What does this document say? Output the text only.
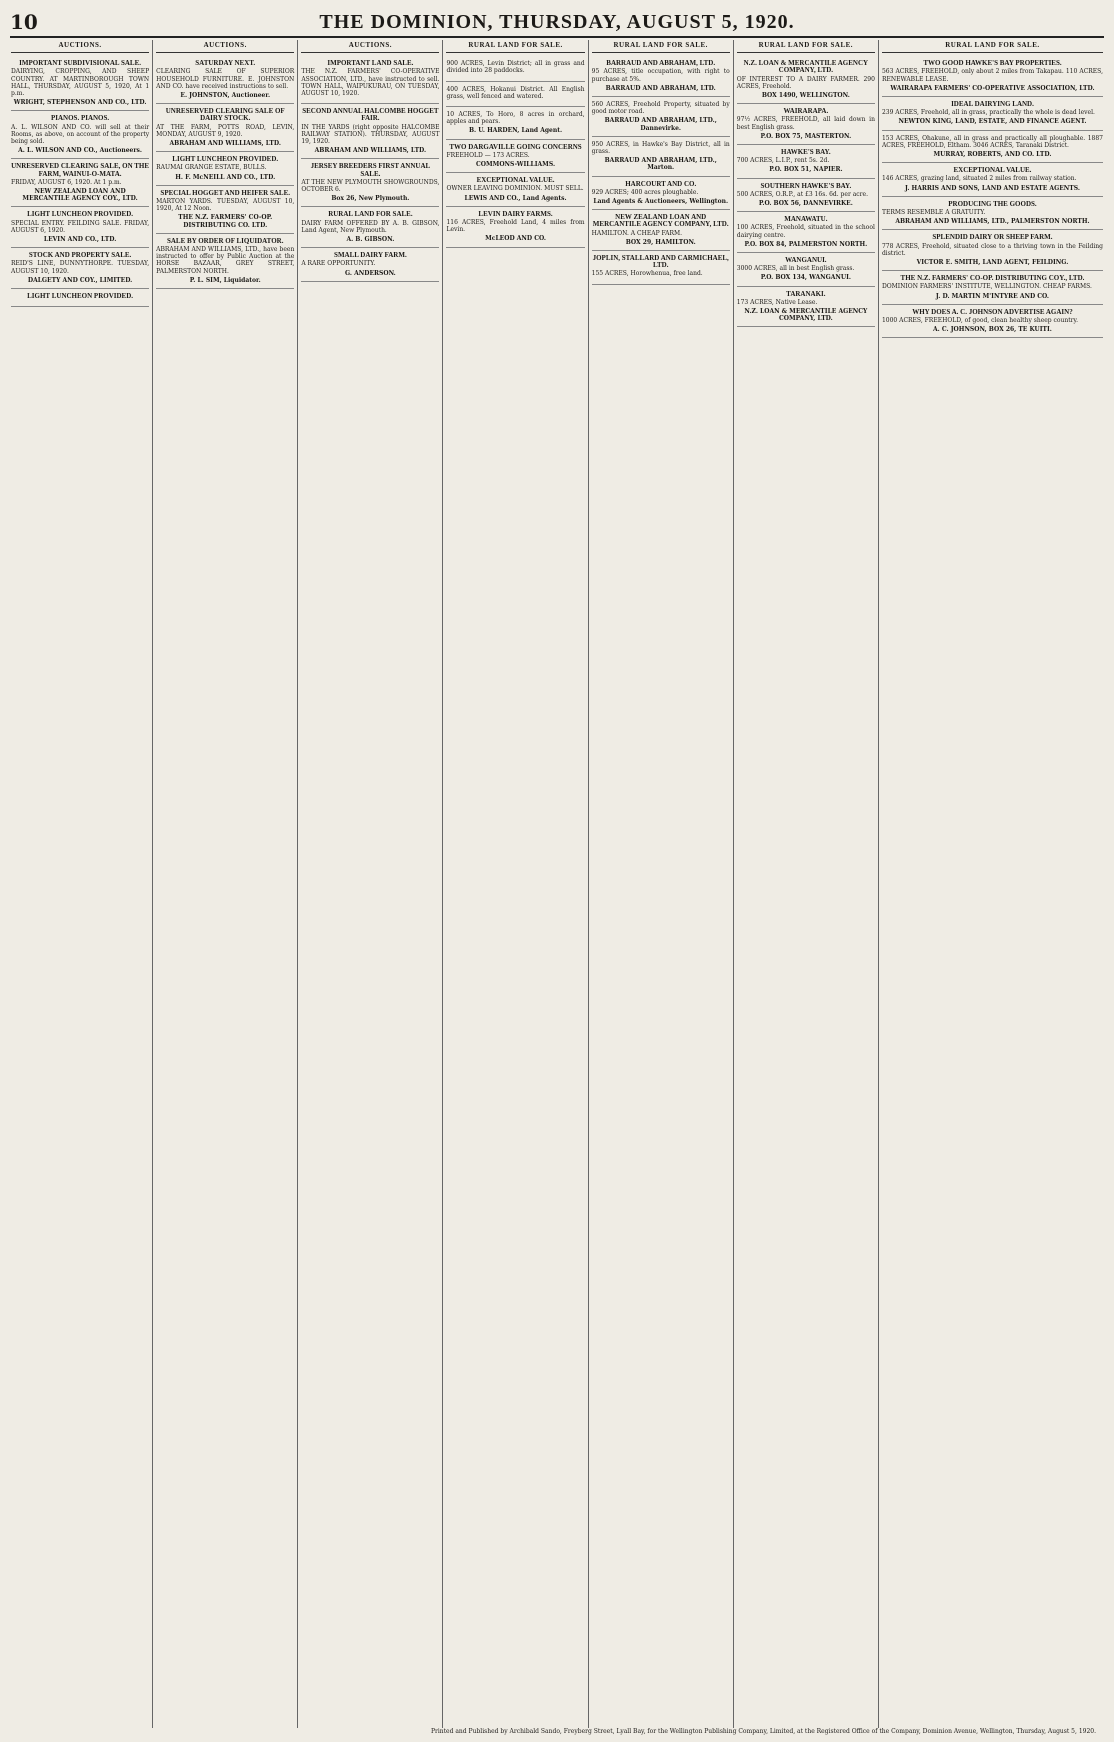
10	THE DOMINION, THURSDAY, AUGUST 5, 1920.
AUCTIONS.
IMPORTANT SUBDIVISIONAL SALE.
DAIRYING, CROPPING, AND SHEEP COUNTRY. AT MARTINBOROUGH TOWN HALL, THURSDAY, AUGUST 5, 1920, At 1 p.m.
WRIGHT, STEPHENSON AND CO., LTD.
PIANOS. PIANOS.
A. L. WILSON AND CO. will sell at their Rooms, as above, on account of the property being sold.
A. L. WILSON AND CO., Auctioneers.
UNRESERVED CLEARING SALE, ON THE FARM, WAINUI-O-MATA.
FRIDAY, AUGUST 6, 1920. At 1 p.m.
NEW ZEALAND LOAN AND MERCANTILE AGENCY COY., LTD.
LIGHT LUNCHEON PROVIDED.
SPECIAL ENTRY. FEILDING SALE. FRIDAY, AUGUST 6, 1920.
LEVIN AND CO., LTD.
STOCK AND PROPERTY SALE.
REID'S LINE, DUNNYTHORPE. TUESDAY, AUGUST 10, 1920.
DALGETY AND COY., LIMITED.
LIGHT LUNCHEON PROVIDED.
AUCTIONS.
SATURDAY NEXT.
CLEARING SALE OF SUPERIOR HOUSEHOLD FURNITURE. E. JOHNSTON AND CO. have received instructions to sell.
E. JOHNSTON, Auctioneer.
UNRESERVED CLEARING SALE OF DAIRY STOCK.
AT THE FARM, POTTS ROAD, LEVIN, MONDAY, AUGUST 9, 1920.
ABRAHAM AND WILLIAMS, LTD.
LIGHT LUNCHEON PROVIDED.
RAUMAI GRANGE ESTATE, BULLS.
H. F. McNEILL AND CO., LTD.
SPECIAL HOGGET AND HEIFER SALE.
MARTON YARDS. TUESDAY, AUGUST 10, 1920, At 12 Noon.
THE N.Z. FARMERS' CO-OP. DISTRIBUTING CO. LTD.
SALE BY ORDER OF LIQUIDATOR.
ABRAHAM AND WILLIAMS, LTD., have been instructed to offer by Public Auction at the HORSE BAZAAR, GREY STREET, PALMERSTON NORTH.
P. L. SIM, Liquidator.
AUCTIONS.
IMPORTANT LAND SALE.
THE N.Z. FARMERS' CO-OPERATIVE ASSOCIATION, LTD., have instructed to sell. TOWN HALL, WAIPUKURAU, ON TUESDAY, AUGUST 10, 1920.
SECOND ANNUAL HALCOMBE HOGGET FAIR.
IN THE YARDS (right opposite HALCOMBE RAILWAY STATION). THURSDAY, AUGUST 19, 1920.
ABRAHAM AND WILLIAMS, LTD.
JERSEY BREEDERS FIRST ANNUAL SALE.
AT THE NEW PLYMOUTH SHOWGROUNDS, OCTOBER 6.
Box 26, New Plymouth.
RURAL LAND FOR SALE.
DAIRY FARM OFFERED BY A. B. GIBSON, Land Agent, New Plymouth.
A. B. GIBSON.
SMALL DAIRY FARM.
A RARE OPPORTUNITY.
G. ANDERSON.
RURAL LAND FOR SALE.
900 ACRES, Levin District; all in grass and divided into 28 paddocks.
400 ACRES, Hokanui District. All English grass, well fenced and watered.
10 ACRES, To Horo, 8 acres in orchard, apples and pears.
B. U. HARDEN, Land Agent.
TWO DARGAVILLE GOING CONCERNS
FREEHOLD — 173 ACRES.
COMMONS-WILLIAMS.
EXCEPTIONAL VALUE.
OWNER LEAVING DOMINION. MUST SELL.
LEWIS AND CO., Land Agents.
LEVIN DAIRY FARMS.
116 ACRES, Freehold Land, 4 miles from Levin.
McLEOD AND CO.
RURAL LAND FOR SALE.
BARRAUD AND ABRAHAM, LTD.
95 ACRES, title occupation, with right to purchase at 5%.
BARRAUD AND ABRAHAM, LTD.
560 ACRES, Freehold Property, situated by good motor road.
BARRAUD AND ABRAHAM, LTD., Dannevirke.
950 ACRES, in Hawke's Bay District, all in grass.
BARRAUD AND ABRAHAM, LTD., Marton.
HARCOURT AND CO.
929 ACRES; 400 acres ploughable.
Land Agents & Auctioneers, Wellington.
NEW ZEALAND LOAN AND MERCANTILE AGENCY COMPANY, LTD.
HAMILTON. A CHEAP FARM.
BOX 29, HAMILTON.
JOPLIN, STALLARD AND CARMICHAEL, LTD.
155 ACRES, Horowhenua, free land.
RURAL LAND FOR SALE.
N.Z. LOAN & MERCANTILE AGENCY COMPANY, LTD.
OF INTEREST TO A DAIRY FARMER. 290 ACRES, Freehold.
BOX 1490, WELLINGTON.
WAIRARAPA.
97½ ACRES, FREEHOLD, all laid down in best English grass.
P.O. BOX 75, MASTERTON.
HAWKE'S BAY.
700 ACRES, L.I.P., rent 5s. 2d.
P.O. BOX 51, NAPIER.
SOUTHERN HAWKE'S BAY.
500 ACRES, O.R.P., at £3 16s. 6d. per acre.
P.O. BOX 56, DANNEVIRKE.
MANAWATU.
100 ACRES, Freehold, situated in the school dairying centre.
P.O. BOX 84, PALMERSTON NORTH.
WANGANUI.
3000 ACRES, all in best English grass.
P.O. BOX 134, WANGANUI.
TARANAKI.
173 ACRES, Native Lease.
N.Z. LOAN & MERCANTILE AGENCY COMPANY, LTD.
RURAL LAND FOR SALE.
TWO GOOD HAWKE'S BAY PROPERTIES.
563 ACRES, FREEHOLD, only about 2 miles from Takapau. 110 ACRES, RENEWABLE LEASE.
WAIRARAPA FARMERS' CO-OPERATIVE ASSOCIATION, LTD.
IDEAL DAIRYING LAND.
239 ACRES, Freehold, all in grass, practically the whole is dead level.
NEWTON KING, LAND, ESTATE, AND FINANCE AGENT.
153 ACRES, Ohakune, all in grass and practically all ploughable. 1887 ACRES, FREEHOLD, Eltham. 3046 ACRES, Taranaki District.
MURRAY, ROBERTS, AND CO. LTD.
EXCEPTIONAL VALUE.
146 ACRES, grazing land, situated 2 miles from railway station.
J. HARRIS AND SONS, LAND AND ESTATE AGENTS.
PRODUCING THE GOODS.
TERMS RESEMBLE A GRATUITY.
ABRAHAM AND WILLIAMS, LTD., PALMERSTON NORTH.
SPLENDID DAIRY OR SHEEP FARM.
778 ACRES, Freehold, situated close to a thriving town in the Feilding district.
VICTOR E. SMITH, LAND AGENT, FEILDING.
THE N.Z. FARMERS' CO-OP. DISTRIBUTING COY., LTD.
DOMINION FARMERS' INSTITUTE, WELLINGTON. CHEAP FARMS.
J. D. MARTIN M'INTYRE AND CO.
WHY DOES A. C. JOHNSON ADVERTISE AGAIN?
1000 ACRES, FREEHOLD, of good, clean healthy sheep country.
A. C. JOHNSON, BOX 26, TE KUITI.
Printed and Published by Archibald Sando, Freyberg Street, Lyall Bay, for the Wellington Publishing Company, Limited, at the Registered Office of the Company, Dominion Avenue, Wellington, Thursday, August 5, 1920.
